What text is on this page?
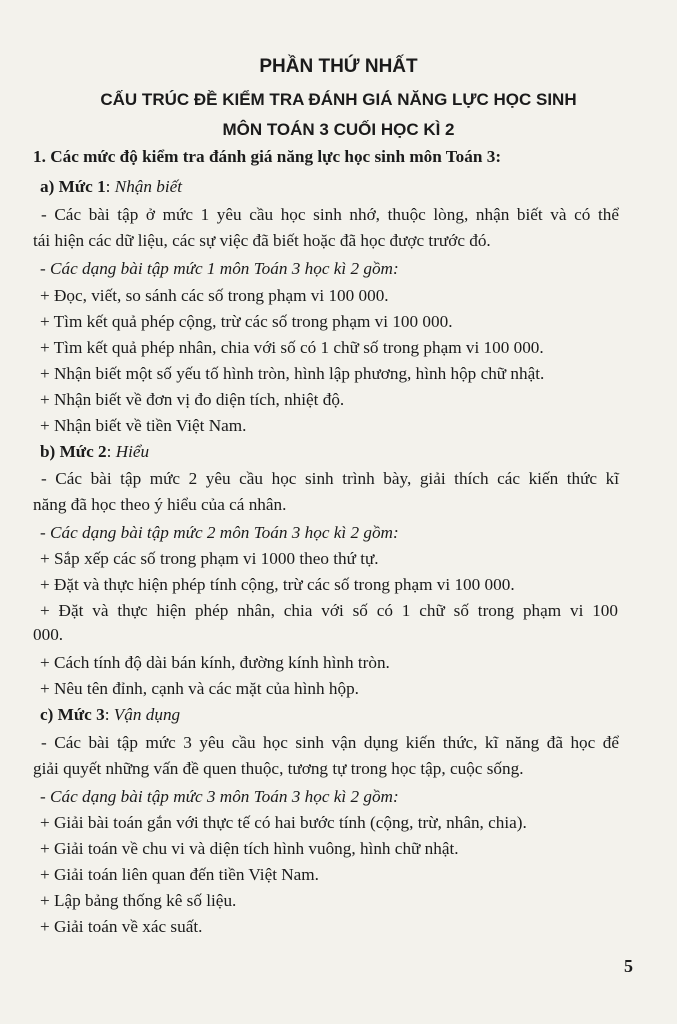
PHẦN THỨ NHẤT

CẤU TRÚC ĐỀ KIỂM TRA ĐÁNH GIÁ NĂNG LỰC HỌC SINH

MÔN TOÁN 3 CUỐI HỌC KÌ 2

1. Các mức độ kiểm tra đánh giá năng lực học sinh môn Toán 3:
a) Mức 1: Nhận biết
- Các bài tập ở mức 1 yêu cầu học sinh nhớ, thuộc lòng, nhận biết và có thể
tái hiện các dữ liệu, các sự việc đã biết hoặc đã học được trước đó.
- Các dạng bài tập mức 1 môn Toán 3 học kì 2 gồm:
+ Đọc, viết, so sánh các số trong phạm vi 100 000.
+ Tìm kết quả phép cộng, trừ các số trong phạm vi 100 000.
+ Tìm kết quả phép nhân, chia với số có 1 chữ số trong phạm vi 100 000.
+ Nhận biết một số yếu tố hình tròn, hình lập phương, hình hộp chữ nhật.
+ Nhận biết về đơn vị đo diện tích, nhiệt độ.
+ Nhận biết về tiền Việt Nam.
b) Mức 2: Hiểu
- Các bài tập mức 2 yêu cầu học sinh trình bày, giải thích các kiến thức kĩ
năng đã học theo ý hiểu của cá nhân.
- Các dạng bài tập mức 2 môn Toán 3 học kì 2 gồm:
+ Sắp xếp các số trong phạm vi 1000 theo thứ tự.
+ Đặt và thực hiện phép tính cộng, trừ các số trong phạm vi 100 000.
+ Đặt và thực hiện phép nhân, chia với số có 1 chữ số trong phạm vi 100
000.
+ Cách tính độ dài bán kính, đường kính hình tròn.
+ Nêu tên đỉnh, cạnh và các mặt của hình hộp.
c) Mức 3: Vận dụng
- Các bài tập mức 3 yêu cầu học sinh vận dụng kiến thức, kĩ năng đã học để
giải quyết những vấn đề quen thuộc, tương tự trong học tập, cuộc sống.
- Các dạng bài tập mức 3 môn Toán 3 học kì 2 gồm:
+ Giải bài toán gắn với thực tế có hai bước tính (cộng, trừ, nhân, chia).
+ Giải toán về chu vi và diện tích hình vuông, hình chữ nhật.
+ Giải toán liên quan đến tiền Việt Nam.
+ Lập bảng thống kê số liệu.
+ Giải toán về xác suất.
5
